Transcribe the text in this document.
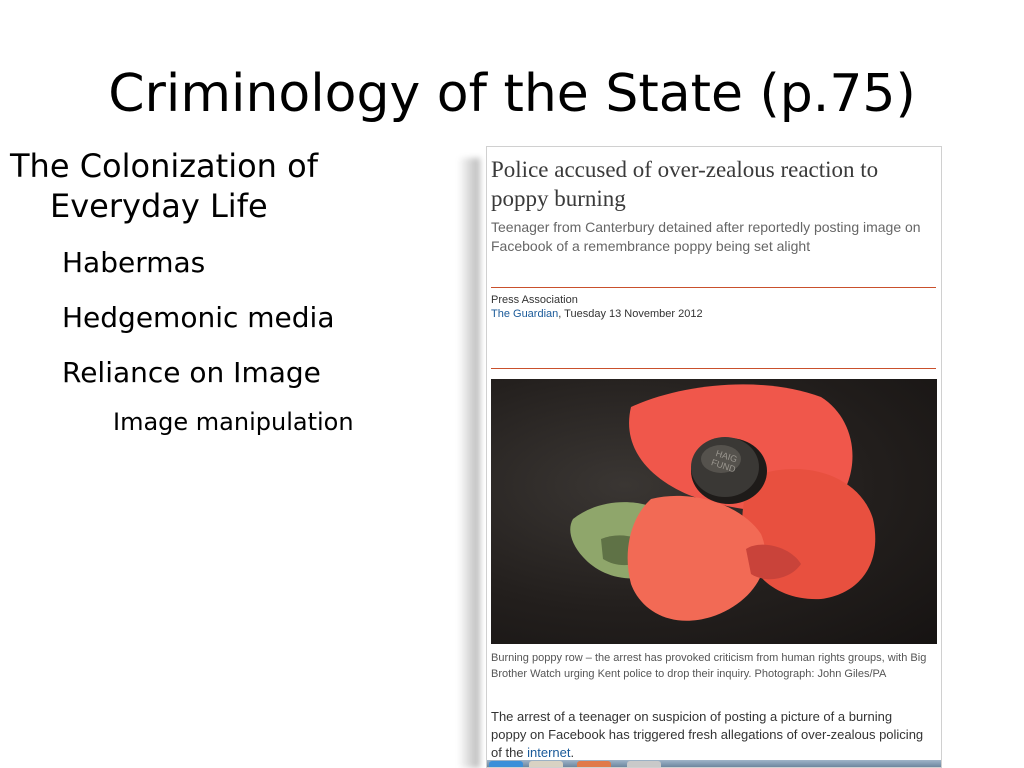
Criminology of the State (p.75)
The Colonization of Everyday Life
Habermas
Hedgemonic media
Reliance on Image
Image manipulation
Police accused of over-zealous reaction to poppy burning
Teenager from Canterbury detained after reportedly posting image on Facebook of a remembrance poppy being set alight
Press Association
The Guardian, Tuesday 13 November 2012
HAIG FUND
Burning poppy row – the arrest has provoked criticism from human rights groups, with Big Brother Watch urging Kent police to drop their inquiry. Photograph: John Giles/PA
The arrest of a teenager on suspicion of posting a picture of a burning poppy on Facebook has triggered fresh allegations of over-zealous policing of the internet.
